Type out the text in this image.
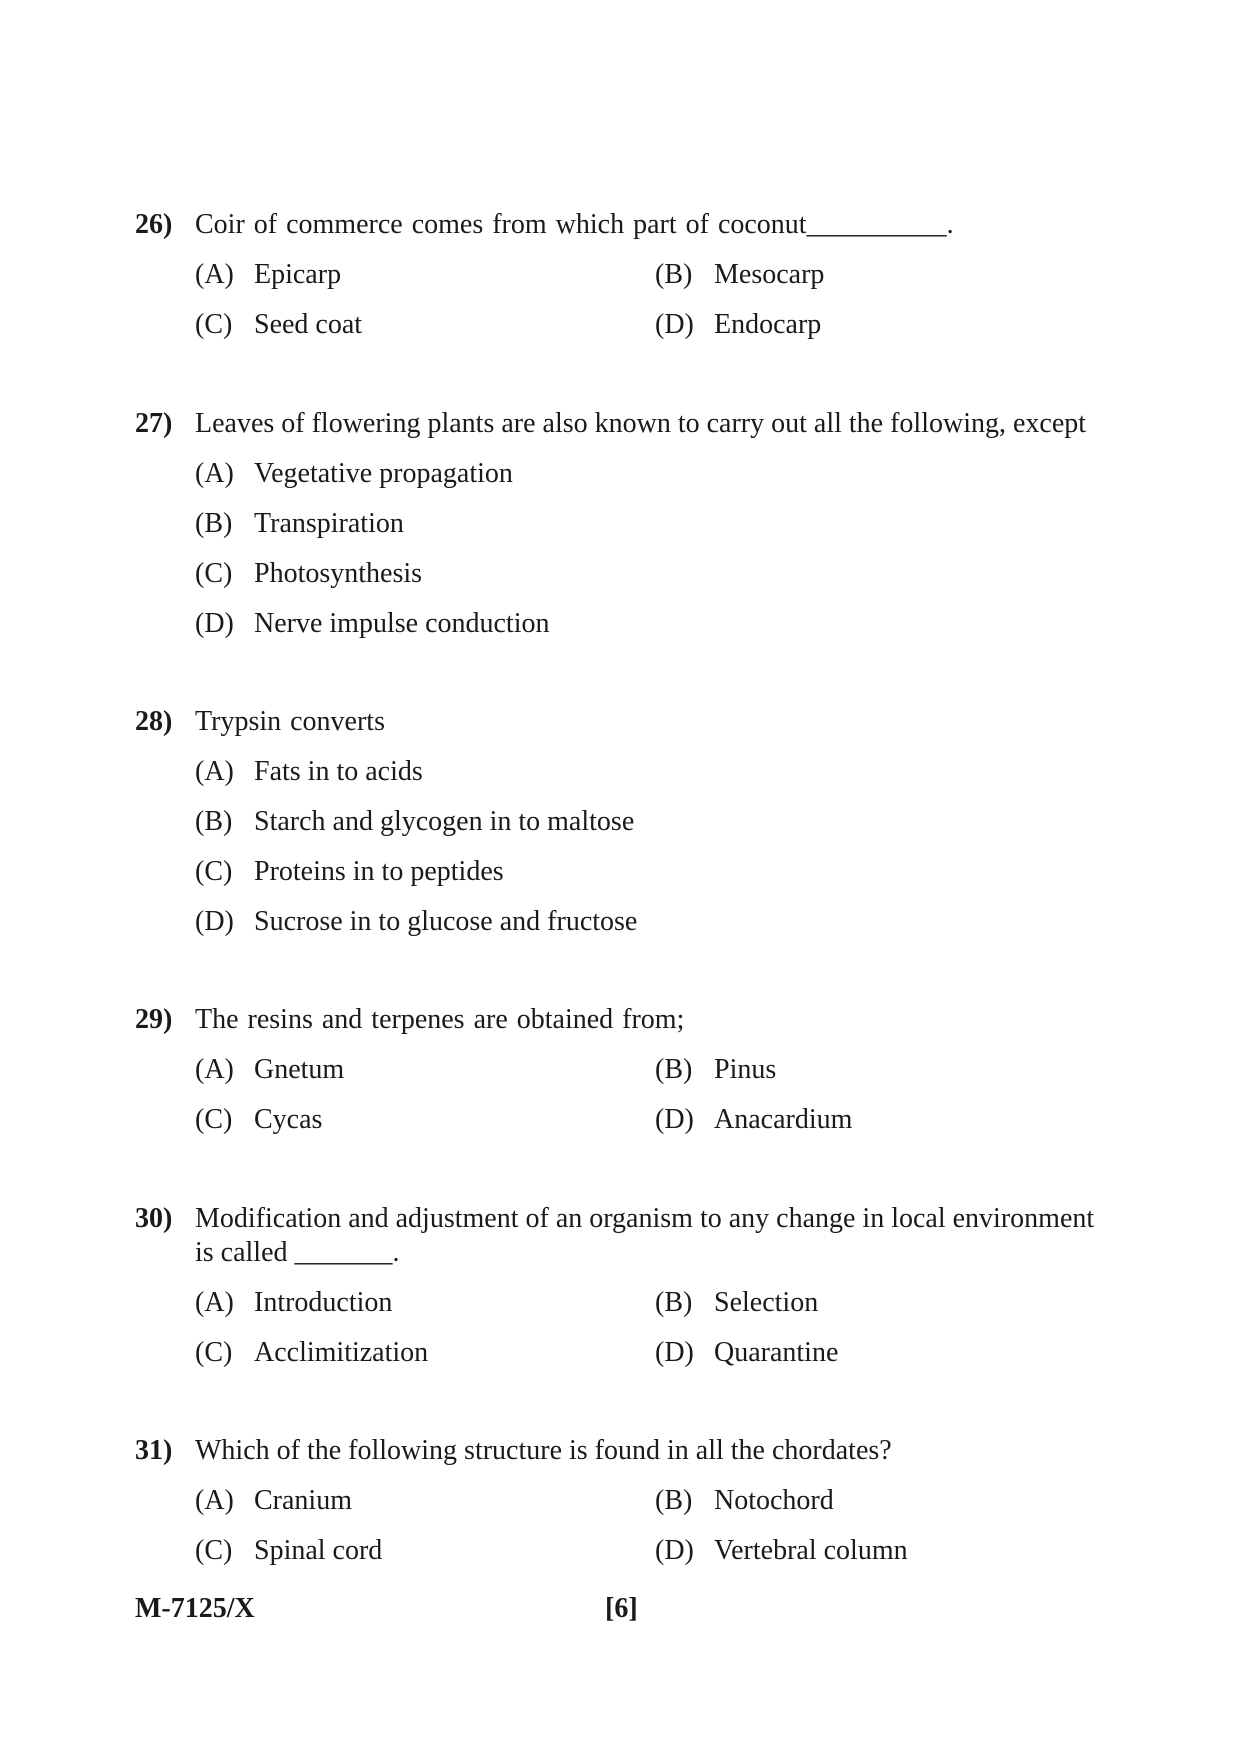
26) Coir of commerce comes from which part of coconut__________.
(A) Epicarp	(B) Mesocarp
(C) Seed coat	(D) Endocarp
27) Leaves of flowering plants are also known to carry out all the following, except
(A) Vegetative propagation
(B) Transpiration
(C) Photosynthesis
(D) Nerve impulse conduction
28) Trypsin converts
(A) Fats in to acids
(B) Starch and glycogen in to maltose
(C) Proteins in to peptides
(D) Sucrose in to glucose and fructose
29) The resins and terpenes are obtained from;
(A) Gnetum	(B) Pinus
(C) Cycas	(D) Anacardium
30) Modification and adjustment of an organism to any change in local environment is called _______.
(A) Introduction	(B) Selection
(C) Acclimitization	(D) Quarantine
31) Which of the following structure is found in all the chordates?
(A) Cranium	(B) Notochord
(C) Spinal cord	(D) Vertebral column
M-7125/X	[6]
